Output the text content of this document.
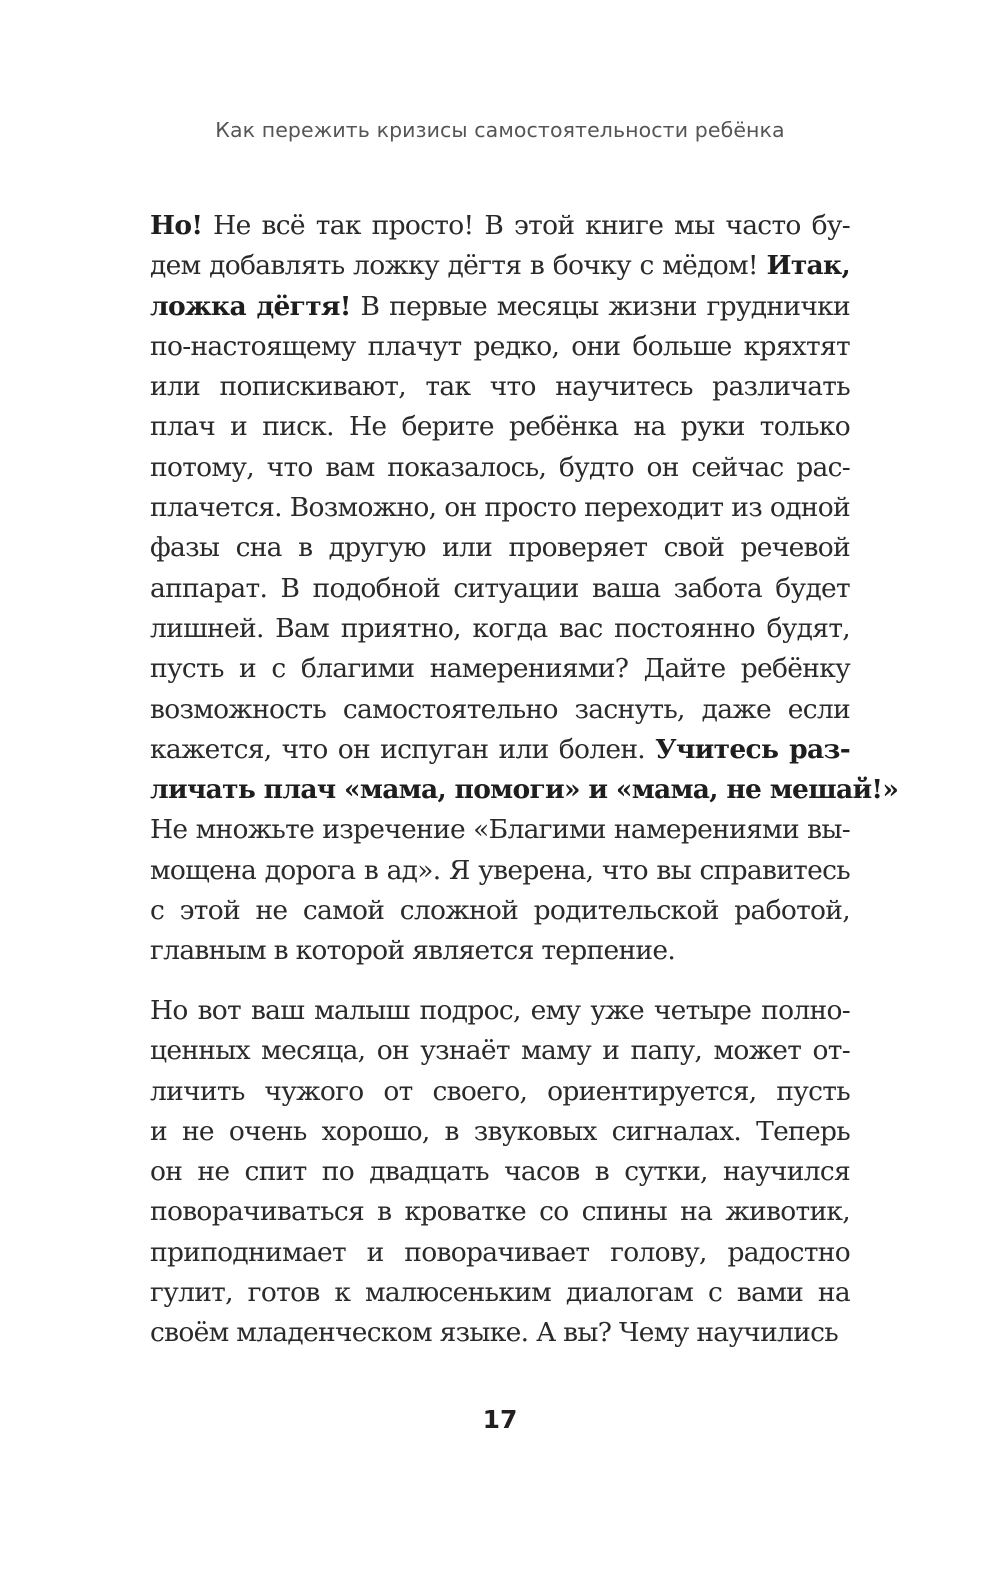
Как пережить кризисы самостоятельности ребёнка
Но! Не всё так просто! В этой книге мы часто бу-
дем добавлять ложку дёгтя в бочку с мёдом! Итак,
ложка дёгтя! В первые месяцы жизни груднички
по-настоящему плачут редко, они больше кряхтят
или попискивают, так что научитесь различать
плач и писк. Не берите ребёнка на руки только
потому, что вам показалось, будто он сейчас рас-
плачется. Возможно, он просто переходит из одной
фазы сна в другую или проверяет свой речевой
аппарат. В подобной ситуации ваша забота будет
лишней. Вам приятно, когда вас постоянно будят,
пусть и с благими намерениями? Дайте ребёнку
возможность самостоятельно заснуть, даже если
кажется, что он испуган или болен. Учитесь раз-
личать плач «мама, помоги» и «мама, не мешай!»
Не множьте изречение «Благими намерениями вы-
мощена дорога в ад». Я уверена, что вы справитесь
с этой не самой сложной родительской работой,
главным в которой является терпение.
Но вот ваш малыш подрос, ему уже четыре полно-
ценных месяца, он узнаёт маму и папу, может от-
личить чужого от своего, ориентируется, пусть
и не очень хорошо, в звуковых сигналах. Теперь
он не спит по двадцать часов в сутки, научился
поворачиваться в кроватке со спины на животик,
приподнимает и поворачивает голову, радостно
гулит, готов к малюсеньким диалогам с вами на
своём младенческом языке. А вы? Чему научились
17
